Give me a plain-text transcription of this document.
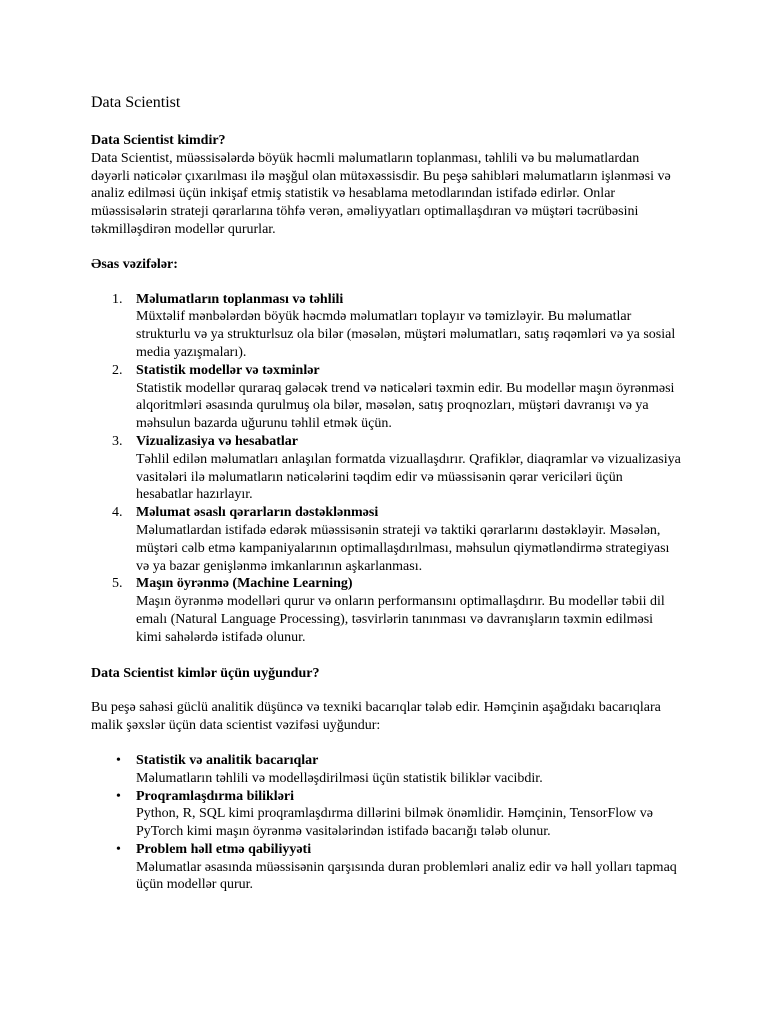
Data Scientist

Data Scientist kimdir?

Data Scientist, müəssisələrdə böyük həcmli məlumatların toplanması, təhlili və bu məlumatlardan dəyərli nəticələr çıxarılması ilə məşğul olan mütəxəssisdir. Bu peşə sahibləri məlumatların işlənməsi və analiz edilməsi üçün inkişaf etmiş statistik və hesablama metodlarından istifadə edirlər. Onlar müəssisələrin strateji qərarlarına töhfə verən, əməliyyatları optimallaşdıran və müştəri təcrübəsini təkmilləşdirən modellər qururlar.

Əsas vəzifələr:

1. Məlumatların toplanması və təhlili
Müxtəlif mənbələrdən böyük həcmdə məlumatları toplayır və təmizləyir. Bu məlumatlar strukturlu və ya strukturlsuz ola bilər (məsələn, müştəri məlumatları, satış rəqəmləri və ya sosial media yazışmaları).
2. Statistik modellər və təxminlər
Statistik modellər quraraq gələcək trend və nəticələri təxmin edir. Bu modellər maşın öyrənməsi alqoritmləri əsasında qurulmuş ola bilər, məsələn, satış proqnozları, müştəri davranışı və ya məhsulun bazarda uğurunu təhlil etmək üçün.
3. Vizualizasiya və hesabatlar
Təhlil edilən məlumatları anlaşılan formatda vizuallaşdırır. Qrafiklər, diaqramlar və vizualizasiya vasitələri ilə məlumatların nəticələrini təqdim edir və müəssisənin qərar vericiləri üçün hesabatlar hazırlayır.
4. Məlumat əsaslı qərarların dəstəklənməsi
Məlumatlardan istifadə edərək müəssisənin strateji və taktiki qərarlarını dəstəkləyir. Məsələn, müştəri cəlb etmə kampaniyalarının optimallaşdırılması, məhsulun qiymətləndirmə strategiyası və ya bazar genişlənmə imkanlarının aşkarlanması.
5. Maşın öyrənmə (Machine Learning)
Maşın öyrənmə modelləri qurur və onların performansını optimallaşdırır. Bu modellər təbii dil emalı (Natural Language Processing), təsvirlərin tanınması və davranışların təxmin edilməsi kimi sahələrdə istifadə olunur.

Data Scientist kimlər üçün uyğundur?

Bu peşə sahəsi güclü analitik düşüncə və texniki bacarıqlar tələb edir. Həmçinin aşağıdakı bacarıqlara malik şəxslər üçün data scientist vəzifəsi uyğundur:

• Statistik və analitik bacarıqlar
Məlumatların təhlili və modelləşdirilməsi üçün statistik biliklər vacibdir.
• Proqramlaşdırma bilikləri
Python, R, SQL kimi proqramlaşdırma dillərini bilmək önəmlidir. Həmçinin, TensorFlow və PyTorch kimi maşın öyrənmə vasitələrindən istifadə bacarığı tələb olunur.
• Problem həll etmə qabiliyyəti
Məlumatlar əsasında müəssisənin qarşısında duran problemləri analiz edir və həll yolları tapmaq üçün modellər qurur.
